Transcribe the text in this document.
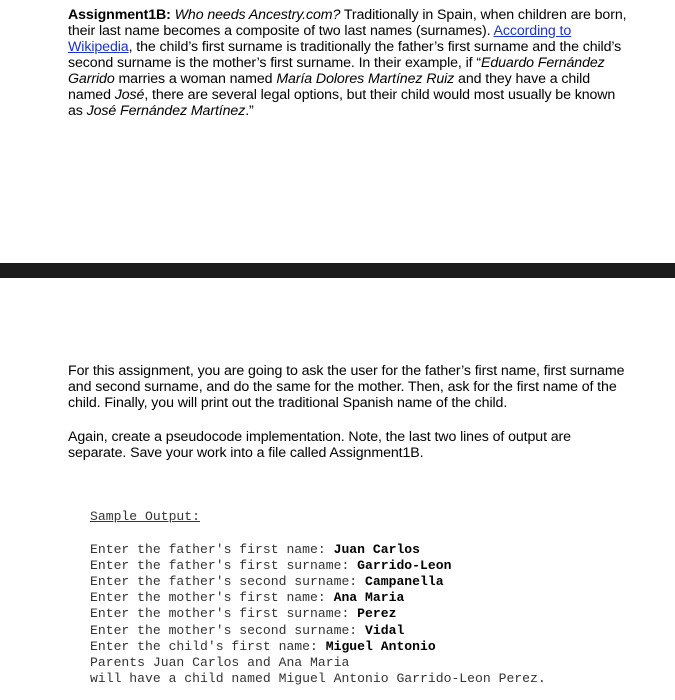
Assignment1B: Who needs Ancestry.com? Traditionally in Spain, when children are born, their last name becomes a composite of two last names (surnames). According to Wikipedia, the child’s first surname is traditionally the father’s first surname and the child’s second surname is the mother’s first surname. In their example, if “Eduardo Fernández Garrido marries a woman named María Dolores Martínez Ruiz and they have a child named José, there are several legal options, but their child would most usually be known as José Fernández Martínez.”
For this assignment, you are going to ask the user for the father’s first name, first surname and second surname, and do the same for the mother. Then, ask for the first name of the child. Finally, you will print out the traditional Spanish name of the child.
Again, create a pseudocode implementation. Note, the last two lines of output are separate. Save your work into a file called Assignment1B.

Sample Output:
Enter the father's first name: Juan Carlos
Enter the father's first surname: Garrido-Leon
Enter the father's second surname: Campanella
Enter the mother's first name: Ana Maria
Enter the mother's first surname: Perez
Enter the mother's second surname: Vidal
Enter the child's first name: Miguel Antonio
Parents Juan Carlos and Ana Maria
will have a child named Miguel Antonio Garrido-Leon Perez.
